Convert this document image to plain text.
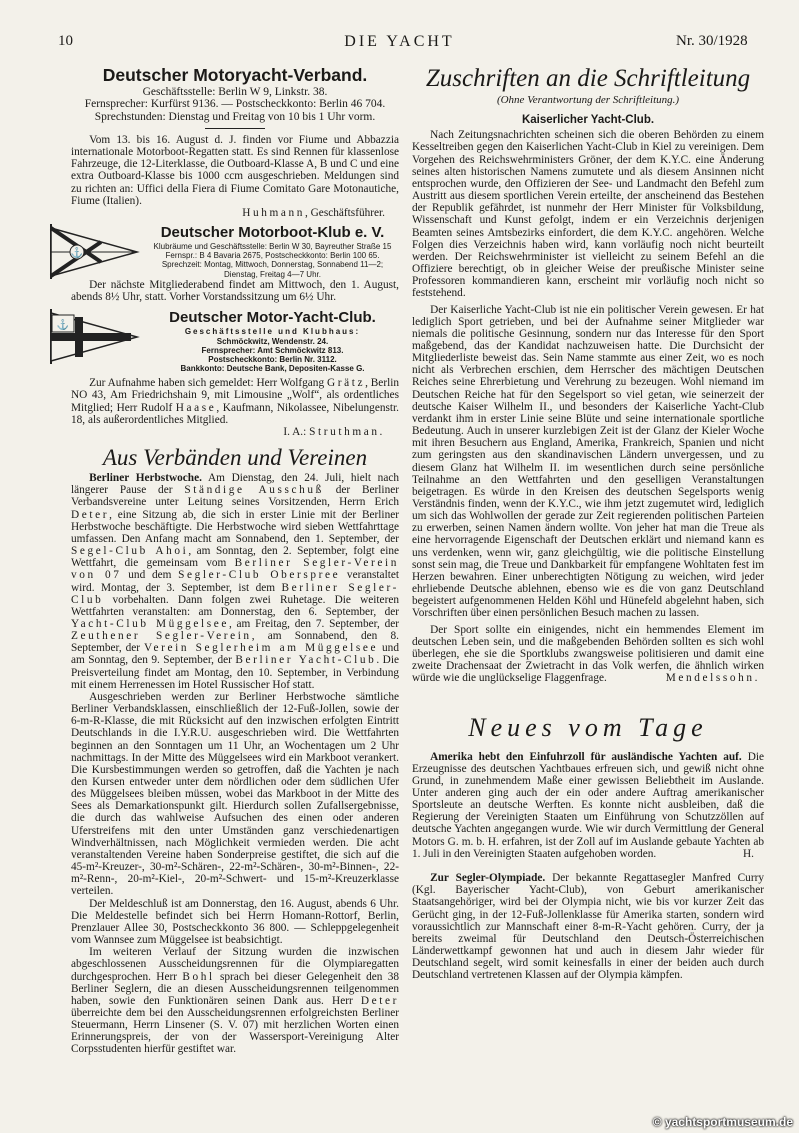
10	DIE YACHT	Nr. 30/1928
Deutscher Motoryacht-Verband.
Geschäftsstelle: Berlin W 9, Linkstr. 38.
Fernsprecher: Kurfürst 9136. — Postscheckkonto: Berlin 46 704.
Sprechstunden: Dienstag und Freitag von 10 bis 1 Uhr vorm.

Vom 13. bis 16. August d. J. finden vor Fiume und Abbazzia internationale Motorboot-Regatten statt. Es sind Rennen für klassenlose Fahrzeuge, die 12-Literklasse, die Outboard-Klasse A, B und C und eine extra Outboard-Klasse bis 1000 ccm ausgeschrieben. Meldungen sind zu richten an: Uffici della Fiera di Fiume Comitato Gare Motonautiche, Fiume (Italien).

Huhmann, Geschäftsführer.

⚓
Deutscher Motorboot-Klub e. V.
Klubräume und Geschäftsstelle: Berlin W 30, Bayreuther Straße 15 Fernspr.: B 4 Bavaria 2675, Postscheckkonto: Berlin 100 65. Sprechzeit: Montag, Mittwoch, Donnerstag, Sonnabend 11—2; Dienstag, Freitag 4—7 Uhr.

Der nächste Mitgliederabend findet am Mittwoch, den 1. August, abends 8½ Uhr, statt. Vorher Vorstandssitzung um 6½ Uhr.

⚓	Deutscher Motor-Yacht-Club.
Geschäftsstelle und Klubhaus:
Schmöckwitz, Wendenstr. 24.
Fernsprecher: Amt Schmöckwitz 813.
Postscheckkonto: Berlin Nr. 3112.
Bankkonto: Deutsche Bank, Depositen-Kasse G.

Zur Aufnahme haben sich gemeldet: Herr Wolfgang Grätz, Berlin NO 43, Am Friedrichshain 9, mit Limousine „Wolf“, als ordentliches Mitglied; Herr Rudolf Haase, Kaufmann, Nikolassee, Nibelungenstr. 18, als außerordentliches Mitglied.

I. A.: Struthman.

Aus Verbänden und Vereinen

Berliner Herbstwoche. Am Dienstag, den 24. Juli, hielt nach längerer Pause der Ständige Ausschuß der Berliner Verbandsvereine unter Leitung seines Vorsitzenden, Herrn Erich Deter, eine Sitzung ab, die sich in erster Linie mit der Berliner Herbstwoche beschäftigte. Die Herbstwoche wird sieben Wettfahrttage umfassen. Den Anfang macht am Sonnabend, den 1. September, der Segel-Club Ahoi, am Sonntag, den 2. September, folgt eine Wettfahrt, die gemeinsam vom Berliner Segler-Verein von 07 und dem Segler-Club Oberspree veranstaltet wird. Montag, der 3. September, ist dem Berliner Segler-Club vorbehalten. Dann folgen zwei Ruhetage. Die weiteren Wettfahrten veranstalten: am Donnerstag, den 6. September, der Yacht-Club Müggelsee, am Freitag, den 7. September, der Zeuthener Segler-Verein, am Sonnabend, den 8. September, der Verein Seglerheim am Müggelsee und am Sonntag, den 9. September, der Berliner Yacht-Club. Die Preisverteilung findet am Montag, den 10. September, in Verbindung mit einem Herrenessen im Hotel Russischer Hof statt.

Ausgeschrieben werden zur Berliner Herbstwoche sämtliche Berliner Verbandsklassen, einschließlich der 12-Fuß-Jollen, sowie der 6-m-R-Klasse, die mit Rücksicht auf den inzwischen erfolgten Eintritt Deutschlands in die I.Y.R.U. ausgeschrieben wird. Die Wettfahrten beginnen an den Sonntagen um 11 Uhr, an Wochentagen um 2 Uhr nachmittags. In der Mitte des Müggelsees wird ein Markboot verankert. Die Kursbestimmungen werden so getroffen, daß die Yachten je nach den Kursen entweder unter dem nördlichen oder dem südlichen Ufer des Müggelsees bleiben müssen, wobei das Markboot in der Mitte des Sees als Demarkationspunkt gilt. Hierdurch sollen Zufallsergebnisse, die durch das wahlweise Aufsuchen des einen oder anderen Uferstreifens mit den unter Umständen ganz verschiedenartigen Windverhältnissen, nach Möglichkeit vermieden werden. Die acht veranstaltenden Vereine haben Sonderpreise gestiftet, die sich auf die 45-m²-Kreuzer-, 30-m²-Schären-, 22-m²-Schären-, 30-m²-Binnen-, 22-m²-Renn-, 20-m²-Kiel-, 20-m²-Schwert- und 15-m²-Kreuzerklasse verteilen.

Der Meldeschluß ist am Donnerstag, den 16. August, abends 6 Uhr. Die Meldestelle befindet sich bei Herrn Homann-Rottorf, Berlin, Prenzlauer Allee 30, Postscheckkonto 36 800. — Schleppgelegenheit vom Wannsee zum Müggelsee ist beabsichtigt.

Im weiteren Verlauf der Sitzung wurden die inzwischen abgeschlossenen Ausscheidungsrennen für die Olympiaregatten durchgesprochen. Herr Bohl sprach bei dieser Gelegenheit den 38 Berliner Seglern, die an diesen Ausscheidungsrennen teilgenommen haben, sowie den Funktionären seinen Dank aus. Herr Deter überreichte dem bei den Ausscheidungsrennen erfolgreichsten Berliner Steuermann, Herrn Linsener (S. V. 07) mit herzlichen Worten einen Erinnerungspreis, der von der Wassersport-Vereinigung Alter Corpsstudenten hierfür gestiftet war.

Zuschriften an die Schriftleitung
(Ohne Verantwortung der Schriftleitung.)
Kaiserlicher Yacht-Club.

Nach Zeitungsnachrichten scheinen sich die oberen Behörden zu einem Kesseltreiben gegen den Kaiserlichen Yacht-Club in Kiel zu vereinigen. Dem Vorgehen des Reichswehrministers Gröner, der dem K.Y.C. eine Änderung seines alten historischen Namens zumutete und als diesem Ansinnen nicht entsprochen wurde, den Offizieren der See- und Landmacht den Befehl zum Austritt aus diesem sportlichen Verein erteilte, der anscheinend das Bestehen der Republik gefährdet, ist nunmehr der Herr Minister für Volksbildung, Wissenschaft und Kunst gefolgt, indem er ein Verzeichnis derjenigen Beamten seines Amtsbezirks einfordert, die dem K.Y.C. angehören. Welche Folgen dies Verzeichnis haben wird, kann vorläufig noch nicht beurteilt werden. Der Reichswehrminister ist vielleicht zu seinem Befehl an die Offiziere berechtigt, ob in gleicher Weise der preußische Minister seine Professoren kommandieren kann, erscheint mir vorläufig noch nicht so feststehend.

Der Kaiserliche Yacht-Club ist nie ein politischer Verein gewesen. Er hat lediglich Sport getrieben, und bei der Aufnahme seiner Mitglieder war niemals die politische Gesinnung, sondern nur das Interesse für den Sport maßgebend, das der Kandidat nachzuweisen hatte. Die Durchsicht der Mitgliederliste beweist das. Sein Name stammte aus einer Zeit, wo es noch nicht als Verbrechen erschien, dem Herrscher des mächtigen Deutschen Reiches seine Ehrerbietung und Verehrung zu bezeugen. Wohl niemand im Deutschen Reiche hat für den Segelsport so viel getan, wie seinerzeit der deutsche Kaiser Wilhelm II., und besonders der Kaiserliche Yacht-Club verdankt ihm in erster Linie seine Blüte und seine internationale sportliche Bedeutung. Auch in unserer kurzlebigen Zeit ist der Glanz der Kieler Woche mit ihren Besuchern aus England, Amerika, Frankreich, Spanien und nicht zum geringsten aus den skandinavischen Ländern unvergessen, und zu diesem Glanz hat Wilhelm II. im wesentlichen durch seine persönliche Teilnahme an den Wettfahrten und den geselligen Veranstaltungen beigetragen. Es würde in den Kreisen des deutschen Segelsports wenig Verständnis finden, wenn der K.Y.C., wie ihm jetzt zugemutet wird, lediglich um sich das Wohlwollen der gerade zur Zeit regierenden politischen Parteien zu erwerben, seinen Namen ändern wollte. Von jeher hat man die Treue als eine hervorragende Eigenschaft der Deutschen erklärt und niemand kann es uns verdenken, wenn wir, ganz gleichgültig, wie die politische Einstellung sonst sein mag, die Treue und Dankbarkeit für empfangene Wohltaten fest im Herzen bewahren. Einer unberechtigten Nötigung zu weichen, wird jeder ehrliebende Deutsche ablehnen, ebenso wie es die von ganz Deutschland begeistert aufgenommenen Helden Köhl und Hünefeld abgelehnt haben, sich Vorschriften über einen persönlichen Besuch machen zu lassen.

Der Sport sollte ein einigendes, nicht ein hemmendes Element im deutschen Leben sein, und die maßgebenden Behörden sollten es sich wohl überlegen, ehe sie die Sportklubs zwangsweise politisieren und damit eine zweite Drachensaat der Zwietracht in das Volk werfen, die ähnlich wirken würde wie die unglückselige Flaggenfrage.	Mendelssohn.

Neues vom Tage

Amerika hebt den Einfuhrzoll für ausländische Yachten auf. Die Erzeugnisse des deutschen Yachtbaues erfreuen sich, und gewiß nicht ohne Grund, in zunehmendem Maße einer gewissen Beliebtheit im Auslande. Unter anderen ging auch der ein oder andere Auftrag amerikanischer Sportsleute an deutsche Werften. Es konnte nicht ausbleiben, daß die Regierung der Vereinigten Staaten um Einführung von Schutzzöllen auf deutsche Yachten angegangen wurde. Wie wir durch Vermittlung der General Motors G. m. b. H. erfahren, ist der Zoll auf im Auslande gebaute Yachten ab 1. Juli in den Vereinigten Staaten aufgehoben worden.	H.

Zur Segler-Olympiade. Der bekannte Regattasegler Manfred Curry (Kgl. Bayerischer Yacht-Club), von Geburt amerikanischer Staatsangehöriger, wird bei der Olympia nicht, wie bis vor kurzer Zeit das Gerücht ging, in der 12-Fuß-Jollenklasse für Amerika starten, sondern wird voraussichtlich zur Mannschaft einer 8-m-R-Yacht gehören. Curry, der ja bereits zweimal für Deutschland den Deutsch-Österreichischen Länderwettkampf gewonnen hat und auch in diesem Jahr wieder für Deutschland segelt, wird somit keinesfalls in einer der beiden auch durch Deutschland vertretenen Klassen auf der Olympia kämpfen.

© yachtsportmuseum.de
